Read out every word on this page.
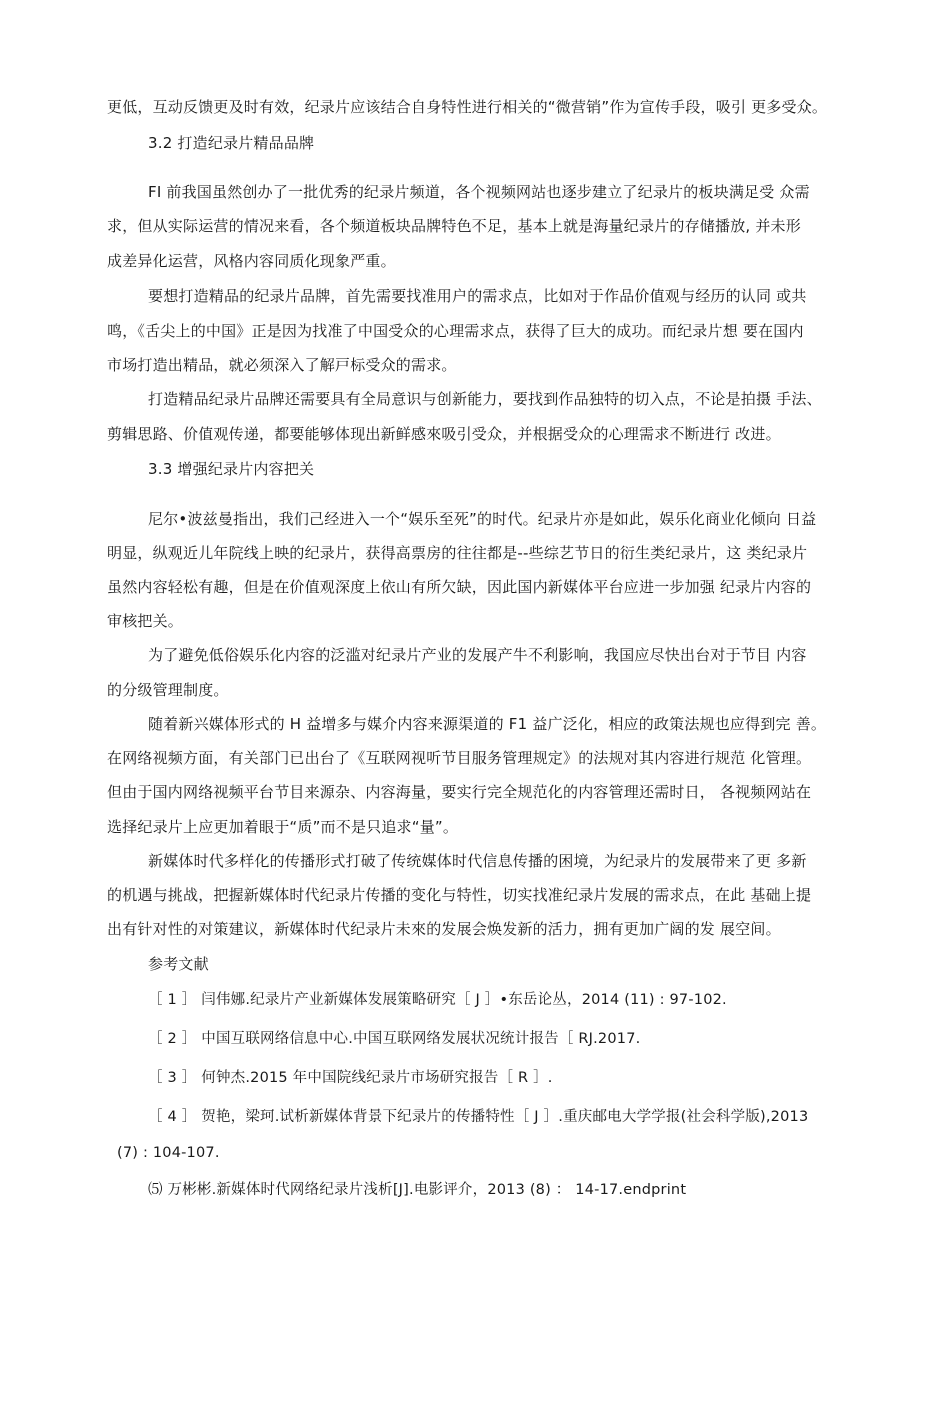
更低，互动反馈更及时有效，纪录片应该结合自身特性进行相关的“微营销”作为宣传手段，吸引 更多受众。
3.2 打造纪录片精品品牌
FI 前我国虽然创办了一批优秀的纪录片频道，各个视频网站也逐步建立了纪录片的板块满足受 众需
求，但从实际运营的情况来看，各个频道板块品牌特色不足，基本上就是海量纪录片的存储播放, 并未形
成差异化运营，风格内容同质化现象严重。
要想打造精品的纪录片品牌，首先需要找准用户的需求点，比如对于作品价值观与经历的认同 或共
鸣，《舌尖上的中国》正是因为找准了中国受众的心理需求点，获得了巨大的成功。而纪录片想 要在国内
市场打造出精品，就必须深入了解戸标受众的需求。
打造精品纪录片品牌还需要具有全局意识与创新能力，要找到作品独特的切入点，不论是拍摄 手法、
剪辑思路、价值观传递，都要能够体现出新鲜感來吸引受众，并根据受众的心理需求不断进行 改进。
3.3 增强纪录片内容把关
尼尔•波兹曼指出，我们己经进入一个“娱乐至死”的时代。纪录片亦是如此，娱乐化商业化倾向 日益
明显，纵观近儿年院线上映的纪录片，获得高票房的往往都是--些综艺节日的衍生类纪录片，这 类纪录片
虽然内容轻松有趣，但是在价值观深度上依山有所欠缺，因此国内新媒体平台应进一步加强 纪录片内容的
审核把关。
为了避免低俗娱乐化内容的泛滥对纪录片产业的发展产牛不利影响，我国应尽快出台对于节目 内容
的分级管理制度。
随着新兴媒体形式的 H 益增多与媒介内容来源渠道的 F1 益广泛化，相应的政策法规也应得到完 善。
在网络视频方面，有关部门已出台了《互联网视听节目服务管理规定》的法规对其内容进行规范 化管理。
但由于国内网络视频平台节目来源杂、内容海量，要实行完全规范化的内容管理还需时日， 各视频网站在
选择纪录片上应更加着眼于“质”而不是只追求“量”。
新媒体时代多样化的传播形式打破了传统媒体时代信息传播的困境，为纪录片的发展带来了更 多新
的机遇与挑战，把握新媒体时代纪录片传播的变化与特性，切实找准纪录片发展的需求点，在此 基础上提
出有针对性的对策建议，新媒体时代纪录片未來的发展会焕发新的活力，拥有更加广阔的发 展空间。
参考文献
［ 1 ］ 闫伟娜.纪录片产业新媒体发展策略研究［ J ］•东岳论丛，2014 (11) : 97-102.
［ 2 ］ 中国互联网络信息中心.中国互联网络发展状况统计报告［ RJ.2017.
［ 3 ］ 何钟杰.2015 年中国院线纪录片市场研究报告［ R ］.
［ 4 ］ 贺艳，梁珂.试析新媒体背景下纪录片的传播特性［ J ］.重庆邮电大学学报(社会科学版),2013
(7) : 104-107.
⑸ 万彬彬.新媒体时代网络纪录片浅析[J].电影评介，2013 (8) ： 14-17.endprint
